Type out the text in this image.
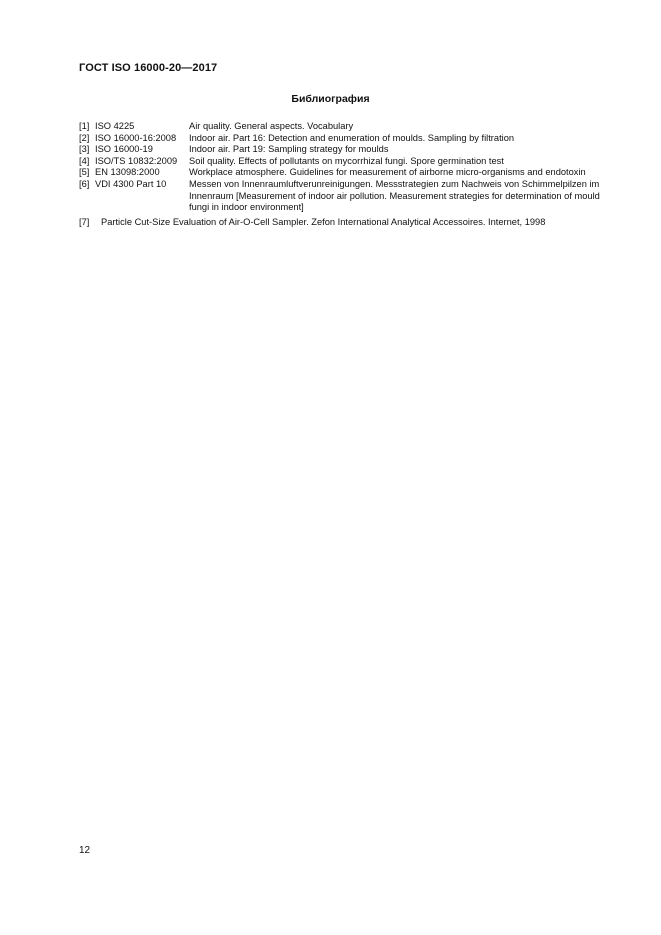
ГОСТ ISO 16000-20—2017
Библиография
[1] ISO 4225	Air quality. General aspects. Vocabulary
[2] ISO 16000-16:2008	Indoor air. Part 16: Detection and enumeration of moulds. Sampling by filtration
[3] ISO 16000-19	Indoor air. Part 19: Sampling strategy for moulds
[4] ISO/TS 10832:2009	Soil quality. Effects of pollutants on mycorrhizal fungi. Spore germination test
[5] EN 13098:2000	Workplace atmosphere. Guidelines for measurement of airborne micro-organisms and endotoxin
[6] VDI 4300 Part 10	Messen von Innenraumluftverunreinigungen. Messstrategien zum Nachweis von Schimmelpilzen im Innenraum [Measurement of indoor air pollution. Measurement strategies for determination of mould fungi in indoor environment]
[7]	Particle Cut-Size Evaluation of Air-O-Cell Sampler. Zefon International Analytical Accessoires. Internet, 1998
12
